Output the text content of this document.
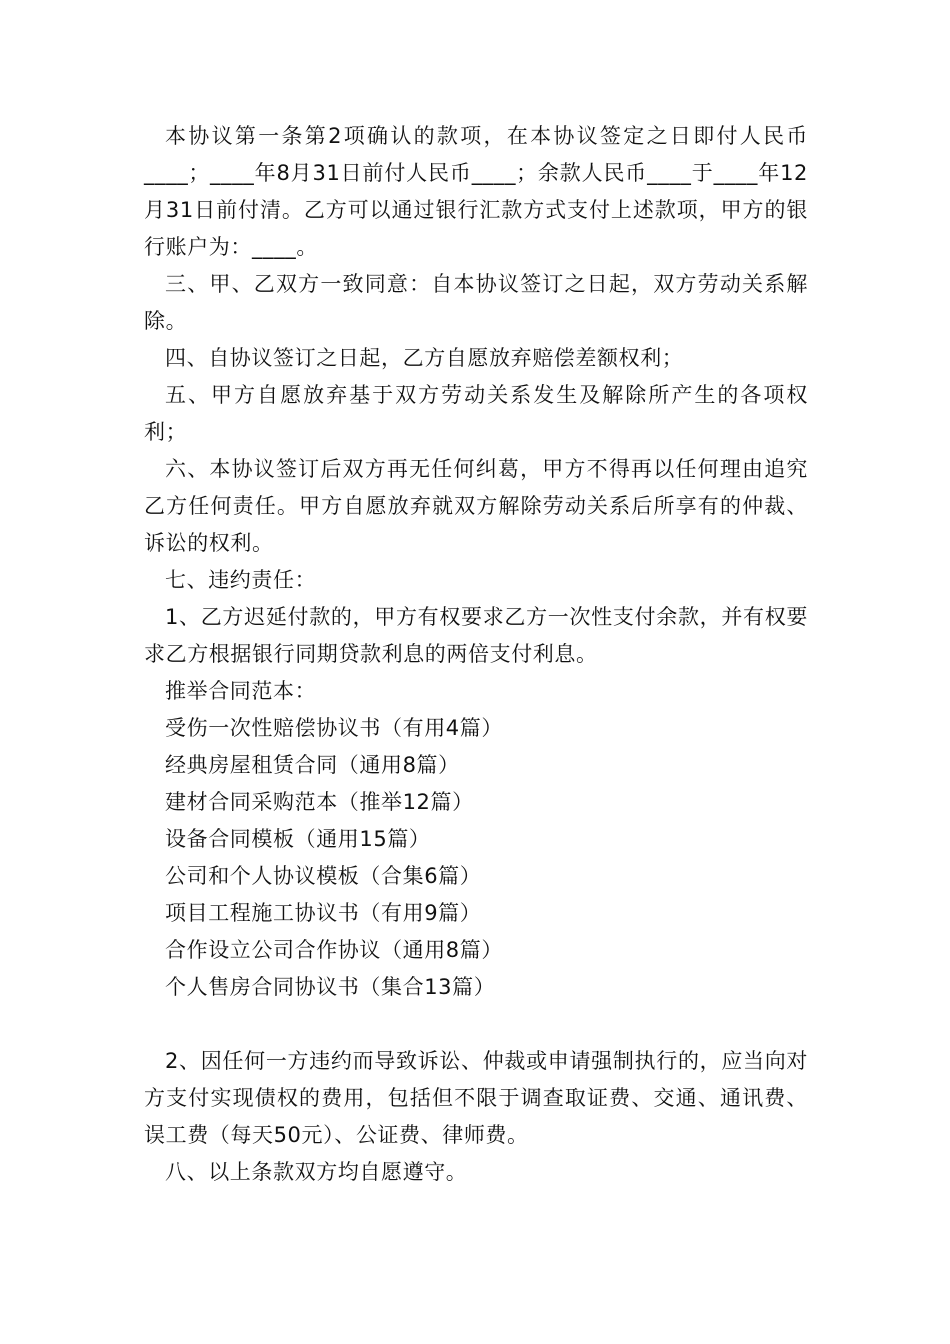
本协议第一条第2项确认的款项，在本协议签定之日即付人民币____；____年8月31日前付人民币____；余款人民币____于____年12月31日前付清。乙方可以通过银行汇款方式支付上述款项，甲方的银行账户为：____。

三、甲、乙双方一致同意：自本协议签订之日起，双方劳动关系解除。

四、自协议签订之日起，乙方自愿放弃赔偿差额权利；

五、甲方自愿放弃基于双方劳动关系发生及解除所产生的各项权利；

六、本协议签订后双方再无任何纠葛，甲方不得再以任何理由追究乙方任何责任。甲方自愿放弃就双方解除劳动关系后所享有的仲裁、诉讼的权利。

七、违约责任：

1、乙方迟延付款的，甲方有权要求乙方一次性支付余款，并有权要求乙方根据银行同期贷款利息的两倍支付利息。

推举合同范本：

受伤一次性赔偿协议书（有用4篇）

经典房屋租赁合同（通用8篇）

建材合同采购范本（推举12篇）

设备合同模板（通用15篇）

公司和个人协议模板（合集6篇）

项目工程施工协议书（有用9篇）

合作设立公司合作协议（通用8篇）

个人售房合同协议书（集合13篇）

2、因任何一方违约而导致诉讼、仲裁或申请强制执行的，应当向对方支付实现债权的费用，包括但不限于调查取证费、交通、通讯费、误工费（每天50元）、公证费、律师费。

八、以上条款双方均自愿遵守。
